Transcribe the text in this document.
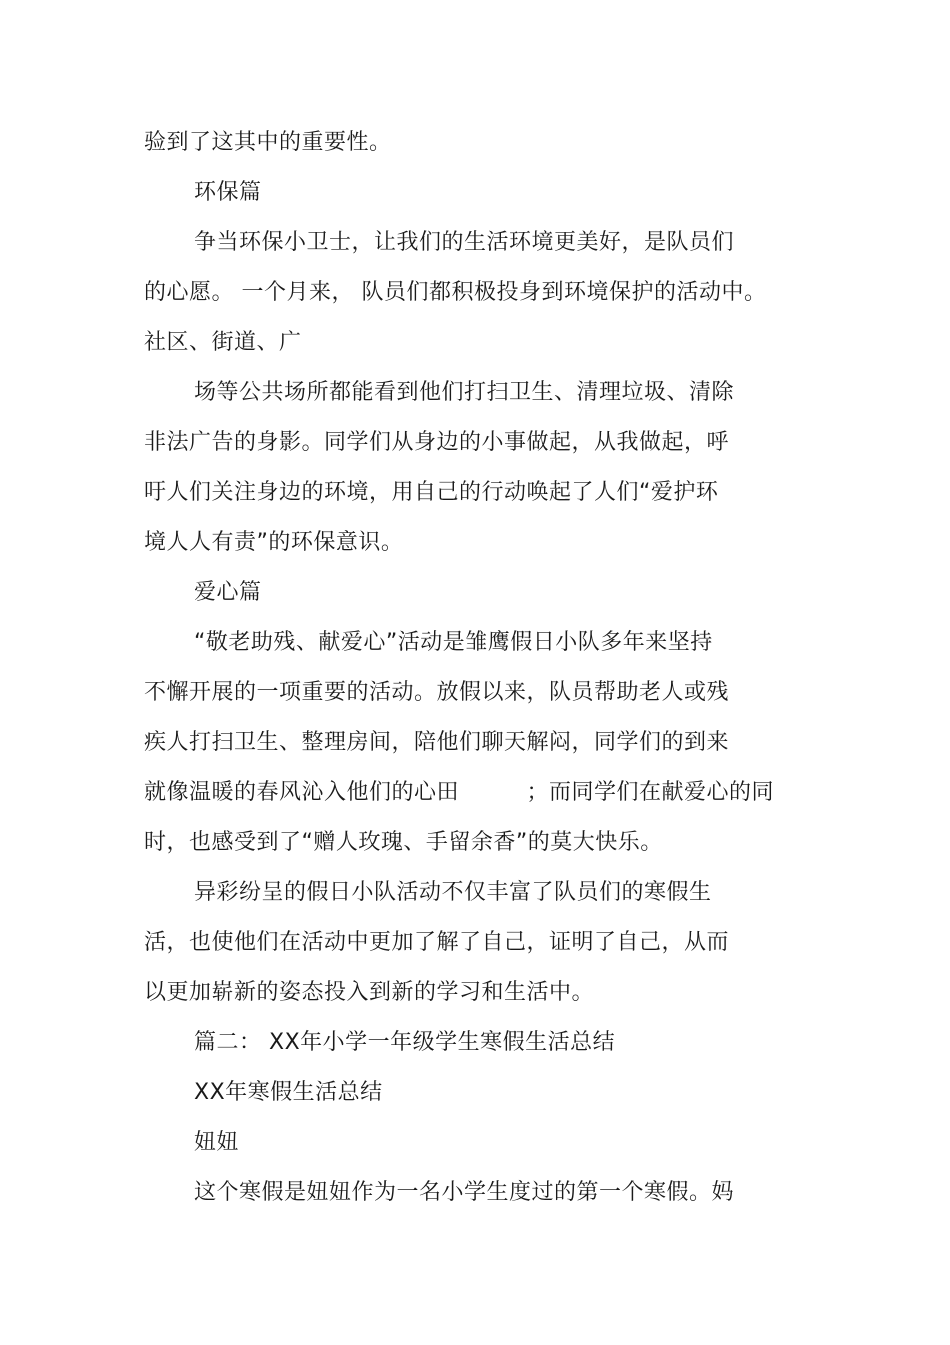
验到了这其中的重要性。
环保篇
争当环保小卫士，让我们的生活环境更美好，是队员们
的心愿。 一个月来， 队员们都积极投身到环境保护的活动中。
社区、街道、广
场等公共场所都能看到他们打扫卫生、清理垃圾、清除
非法广告的身影。同学们从身边的小事做起，从我做起，呼
吁人们关注身边的环境，用自己的行动唤起了人们“爱护环
境人人有责”的环保意识。
爱心篇
“敬老助残、献爱心”活动是雏鹰假日小队多年来坚持
不懈开展的一项重要的活动。放假以来，队员帮助老人或残
疾人打扫卫生、整理房间，陪他们聊天解闷，同学们的到来
就像温暖的春风沁入他们的心田　　　；而同学们在献爱心的同
时，也感受到了“赠人玫瑰、手留余香”的莫大快乐。
异彩纷呈的假日小队活动不仅丰富了队员们的寒假生
活，也使他们在活动中更加了解了自己，证明了自己，从而
以更加崭新的姿态投入到新的学习和生活中。
篇二： XX年小学一年级学生寒假生活总结
XX年寒假生活总结
妞妞
这个寒假是妞妞作为一名小学生度过的第一个寒假。妈
